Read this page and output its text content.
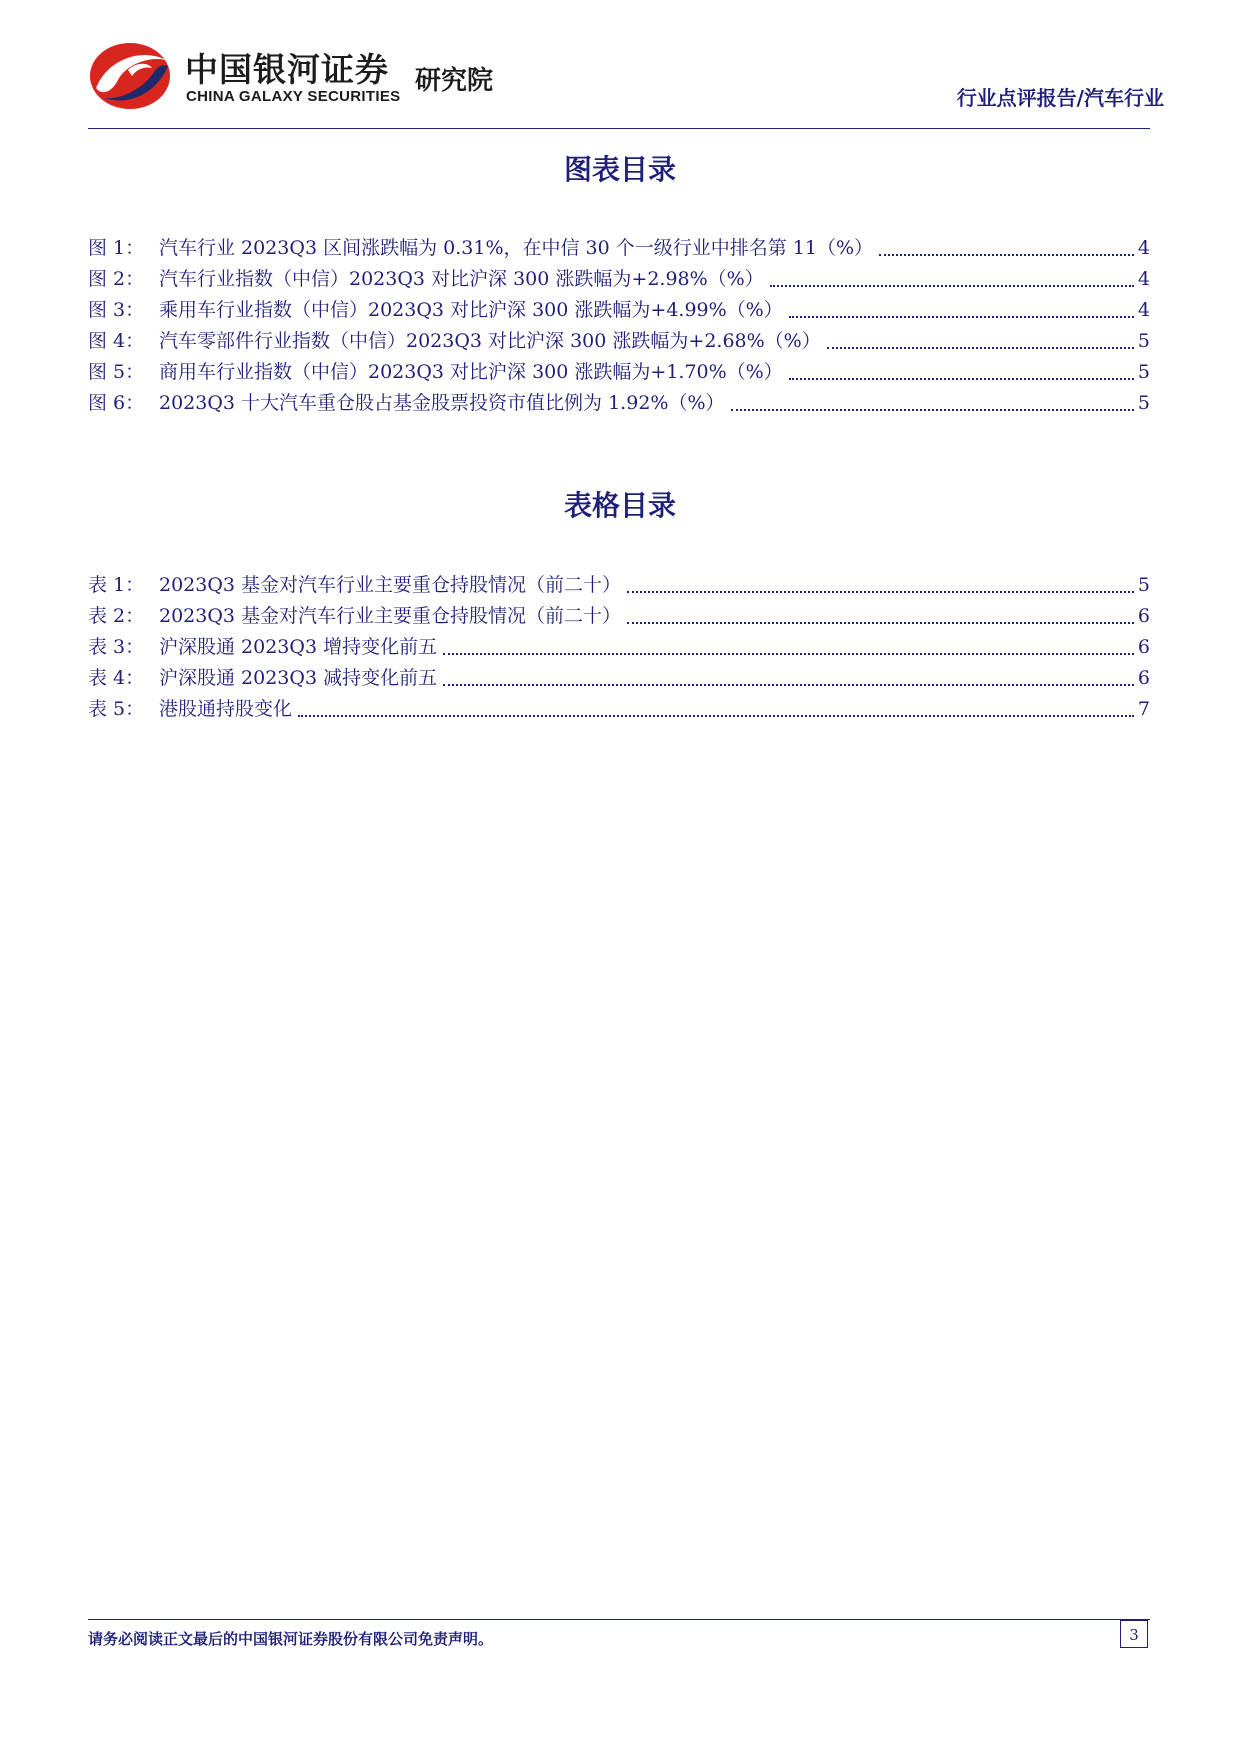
中国银河证券
CHINA GALAXY SECURITIES
研究院
行业点评报告/汽车行业
图表目录
图 1： 汽车行业 2023Q3 区间涨跌幅为 0.31%，在中信 30 个一级行业中排名第 11（%）	4
图 2： 汽车行业指数（中信）2023Q3 对比沪深 300 涨跌幅为+2.98%（%）	4
图 3： 乘用车行业指数（中信）2023Q3 对比沪深 300 涨跌幅为+4.99%（%）	4
图 4： 汽车零部件行业指数（中信）2023Q3 对比沪深 300 涨跌幅为+2.68%（%）	5
图 5： 商用车行业指数（中信）2023Q3 对比沪深 300 涨跌幅为+1.70%（%）	5
图 6： 2023Q3 十大汽车重仓股占基金股票投资市值比例为 1.92%（%）	5
表格目录
表 1： 2023Q3 基金对汽车行业主要重仓持股情况（前二十）	5
表 2： 2023Q3 基金对汽车行业主要重仓持股情况（前二十）	6
表 3： 沪深股通 2023Q3 增持变化前五	6
表 4： 沪深股通 2023Q3 减持变化前五	6
表 5： 港股通持股变化	7
请务必阅读正文最后的中国银河证券股份有限公司免责声明。	3
